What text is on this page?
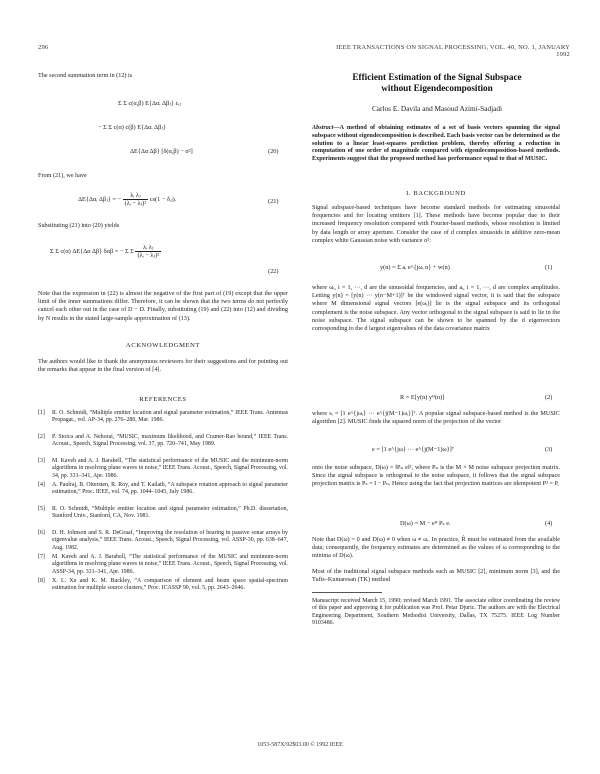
296	IEEE TRANSACTIONS ON SIGNAL PROCESSING, VOL. 40, NO. 1, JANUARY 1992
The second summation term in (12) is
Σ Σ c(α,β) E{Δαᵢ Δβⱼ} εᵢⱼ
− Σ Σ c(α) c(β) E{Δαᵢ Δβⱼ}
ΔE{Δα Δβ} [δ(α,β) − σ²]	(20)
From (21), we have
ΔE{Δαᵢ Δβⱼ} = − $\frac{\text{λᵢ λⱼ}}{\text{(λᵢ − λⱼ)²}} cs(1$ − δᵢⱼ).	(21)
Substituting (21) into (20) yields
Σ Σ c(α) ΔE{Δα Δβ} δαβ = − Σ Σ $\frac{\text{λᵢ λⱼ}}{\text{(λᵢ − λⱼ)²}}$
(22)
Note that the expression in (22) is almost the negative of the first part of (19) except that the upper limit of the inner summations differ. Therefore, it can be shown that the two terms do not perfectly cancel each other out in the case of D − D. Finally, substituting (19) and (22) into (12) and dividing by N results in the stated large-sample approximation of (13).
ACKNOWLEDGMENT
The authors would like to thank the anonymous reviewers for their suggestions and for pointing out the remarks that appear in the final version of [4].
REFERENCES
[1]	R. O. Schmidt, “Multiple emitter location and signal parameter estimation,” IEEE Trans. Antennas Propagat., vol. AP-34, pp. 276–280, Mar. 1986.
[2]	P. Stoica and A. Nehorai, “MUSIC, maximum likelihood, and Cramer-Rao bound,” IEEE Trans. Acoust., Speech, Signal Processing, vol. 37, pp. 720–741, May 1989.
[3]	M. Kaveh and A. J. Barabell, “The statistical performance of the MUSIC and the minimum-norm algorithms in resolving plane waves in noise,” IEEE Trans. Acoust., Speech, Signal Processing, vol. 34, pp. 331–341, Apr. 1986.
[4]	A. Paulraj, B. Ottersten, R. Roy, and T. Kailath, “A subspace rotation approach to signal parameter estimation,” Proc. IEEE, vol. 74, pp. 1044–1045, July 1986.
[5]	R. O. Schmidt, “Multiple emitter location and signal parameter estimation,” Ph.D. dissertation, Stanford Univ., Stanford, CA, Nov. 1981.
[6]	D. H. Johnson and S. R. DeGraaf, “Improving the resolution of bearing in passive sonar arrays by eigenvalue analysis,” IEEE Trans. Acoust., Speech, Signal Processing, vol. ASSP-30, pp. 638–647, Aug. 1982.
[7]	M. Kaveh and A. J. Barabell, “The statistical performance of the MUSIC and minimum-norm algorithms in resolving plane waves in noise,” IEEE Trans. Acoust., Speech, Signal Processing, vol. ASSP-34, pp. 331–341, Apr. 1986.
[8]	X. L. Xu and K. M. Buckley, “A comparison of element and beam space spatial-spectrum estimation for multiple source clusters,” Proc. ICASSP 90, vol. 5, pp. 2643–2646.
Efficient Estimation of the Signal Subspace
without Eigendecomposition
Carlos E. Davila and Masoud Azimi-Sadjadi
Abstract—A method of obtaining estimates of a set of basis vectors spanning the signal subspace without eigendecomposition is described. Each basis vector can be determined as the solution to a linear least-squares prediction problem, thereby offering a reduction in computation of one order of magnitude compared with eigendecomposition-based methods. Experiments suggest that the proposed method has performance equal to that of MUSIC.
I. BACKGROUND
Signal subspace-based techniques have become standard methods for estimating sinusoidal frequencies and for locating emitters [1]. These methods have become popular due to their increased frequency resolution compared with Fourier-based methods, whose resolution is limited by data length or array aperture. Consider the case of d complex sinusoids in additive zero-mean complex white Gaussian noise with variance σ²:
y(n) = Σ aᵢ e^{jωᵢ n} + w(n)	(1)
where ωᵢ, i = 1, ···, d are the sinusoidal frequencies, and aᵢ, i = 1, ···, d are complex amplitudes. Letting y(n) = [y(n) ··· y(n−M+1)]ᵀ be the windowed signal vector, it is said that the subspace where M dimensional signal vectors [e(ωᵢ)] lie is the signal subspace and its orthogonal complement is the noise subspace. Any vector orthogonal to the signal subspace is said to lie in the noise subspace. The signal subspace can be shown to be spanned by the d eigenvectors corresponding to the d largest eigenvalues of the data covariance matrix
R = E[y(n) yᴴ(n)]	(2)
where sᵢ = [1 e^{jωᵢ} ··· e^{j(M−1)ωᵢ}]ᵀ. A popular signal subspace-based method is the MUSIC algorithm [2]. MUSIC finds the squared norm of the projection of the vector
e = [1 e^{jω} ··· e^{j(M−1)ω}]ᵀ	(3)
onto the noise subspace, D(ω) = ‖Pₙ e‖², where Pₙ is the M × M noise subspace projection matrix. Since the signal subspace is orthogonal to the noise subspace, it follows that the signal subspace projection matrix is Pₛ = I − Pₙ. Hence using the fact that projection matrices are idempotent P² = P,
D(ω) = M − eᴴ Pₛ e.	(4)
Note that D(ω) = 0 and D(ω) ≠ 0 when ω ≠ ωᵢ. In practice, R̂ must be estimated from the available data; consequently, the frequency estimates are determined as the values of ω corresponding to the minima of D(ω).
Most of the traditional signal subspace methods such as MUSIC [2], minimum norm [3], and the Tufts–Kumaresan (TK) method
Manuscript received March 15, 1990; revised March 1991. The associate editor coordinating the review of this paper and approving it for publication was Prof. Petar Djuric. The authors are with the Electrical Engineering Department, Southern Methodist University, Dallas, TX 75275. IEEE Log Number 9103486.
1053-587X/92$03.00 © 1992 IEEE
